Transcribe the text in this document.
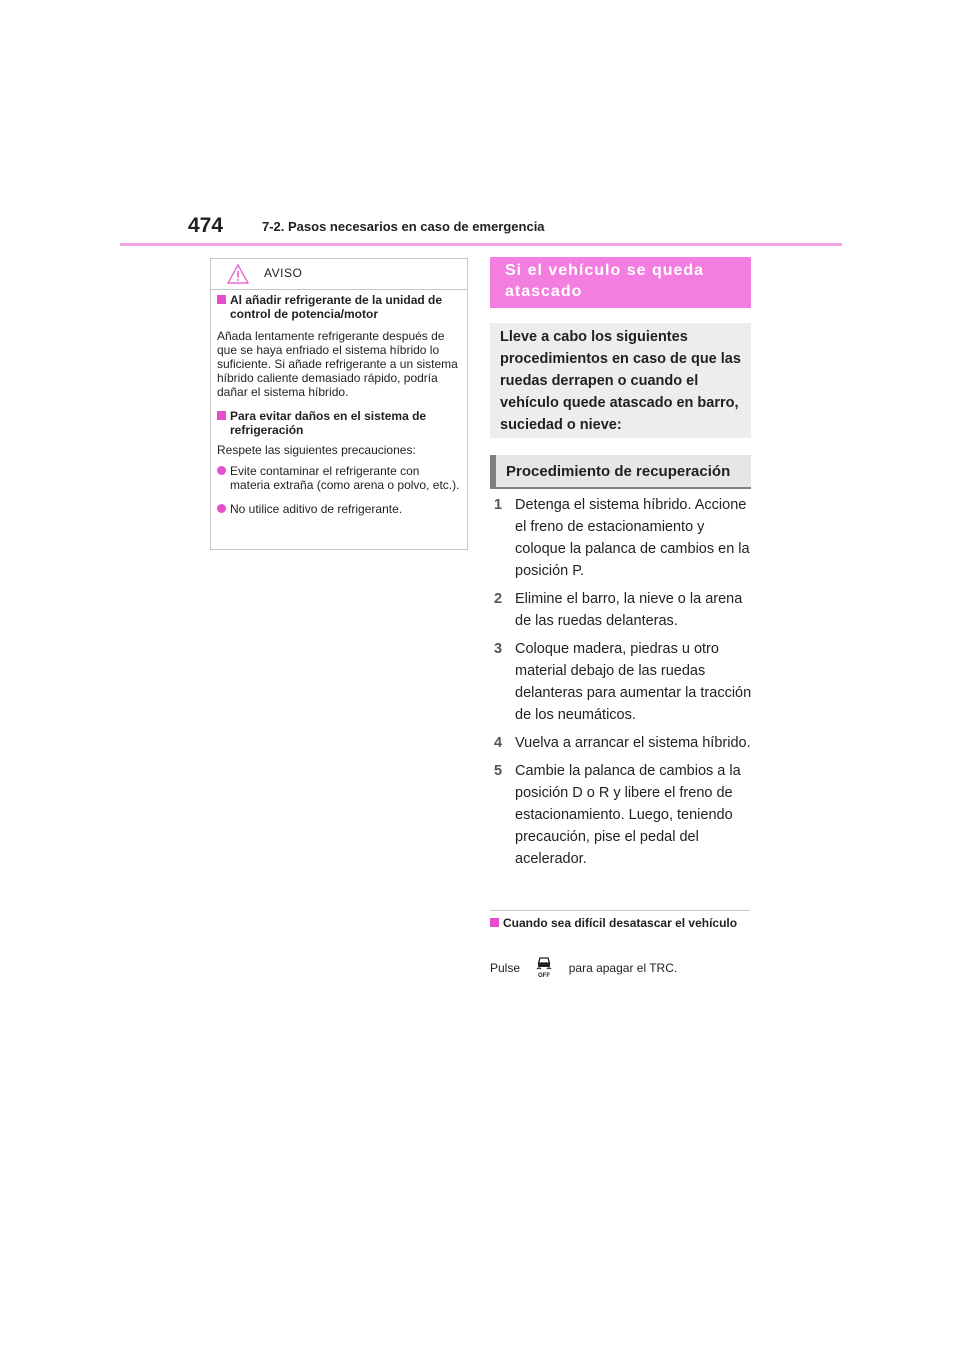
474	7-2. Pasos necesarios en caso de emergencia
AVISO
Al añadir refrigerante de la unidad de control de potencia/motor

Añada lentamente refrigerante después de que se haya enfriado el sistema híbrido lo suficiente. Si añade refrigerante a un sistema híbrido caliente demasiado rápido, podría dañar el sistema híbrido.

Para evitar daños en el sistema de refrigeración

Respete las siguientes precauciones:

Evite contaminar el refrigerante con materia extraña (como arena o polvo, etc.).
No utilice aditivo de refrigerante.
Si el vehículo se queda atascado
Lleve a cabo los siguientes procedimientos en caso de que las ruedas derrapen o cuando el vehículo quede atascado en barro, suciedad o nieve:
Procedimiento de recuperación
1 Detenga el sistema híbrido. Accione el freno de estacionamiento y coloque la palanca de cambios en la posición P.
2 Elimine el barro, la nieve o la arena de las ruedas delanteras.
3 Coloque madera, piedras u otro material debajo de las ruedas delanteras para aumentar la tracción de los neumáticos.
4 Vuelva a arrancar el sistema híbrido.
5 Cambie la palanca de cambios a la posición D o R y libere el freno de estacionamiento. Luego, teniendo precaución, pise el pedal del acelerador.
Cuando sea difícil desatascar el vehículo
Pulse
OFF
para apagar el TRC.
